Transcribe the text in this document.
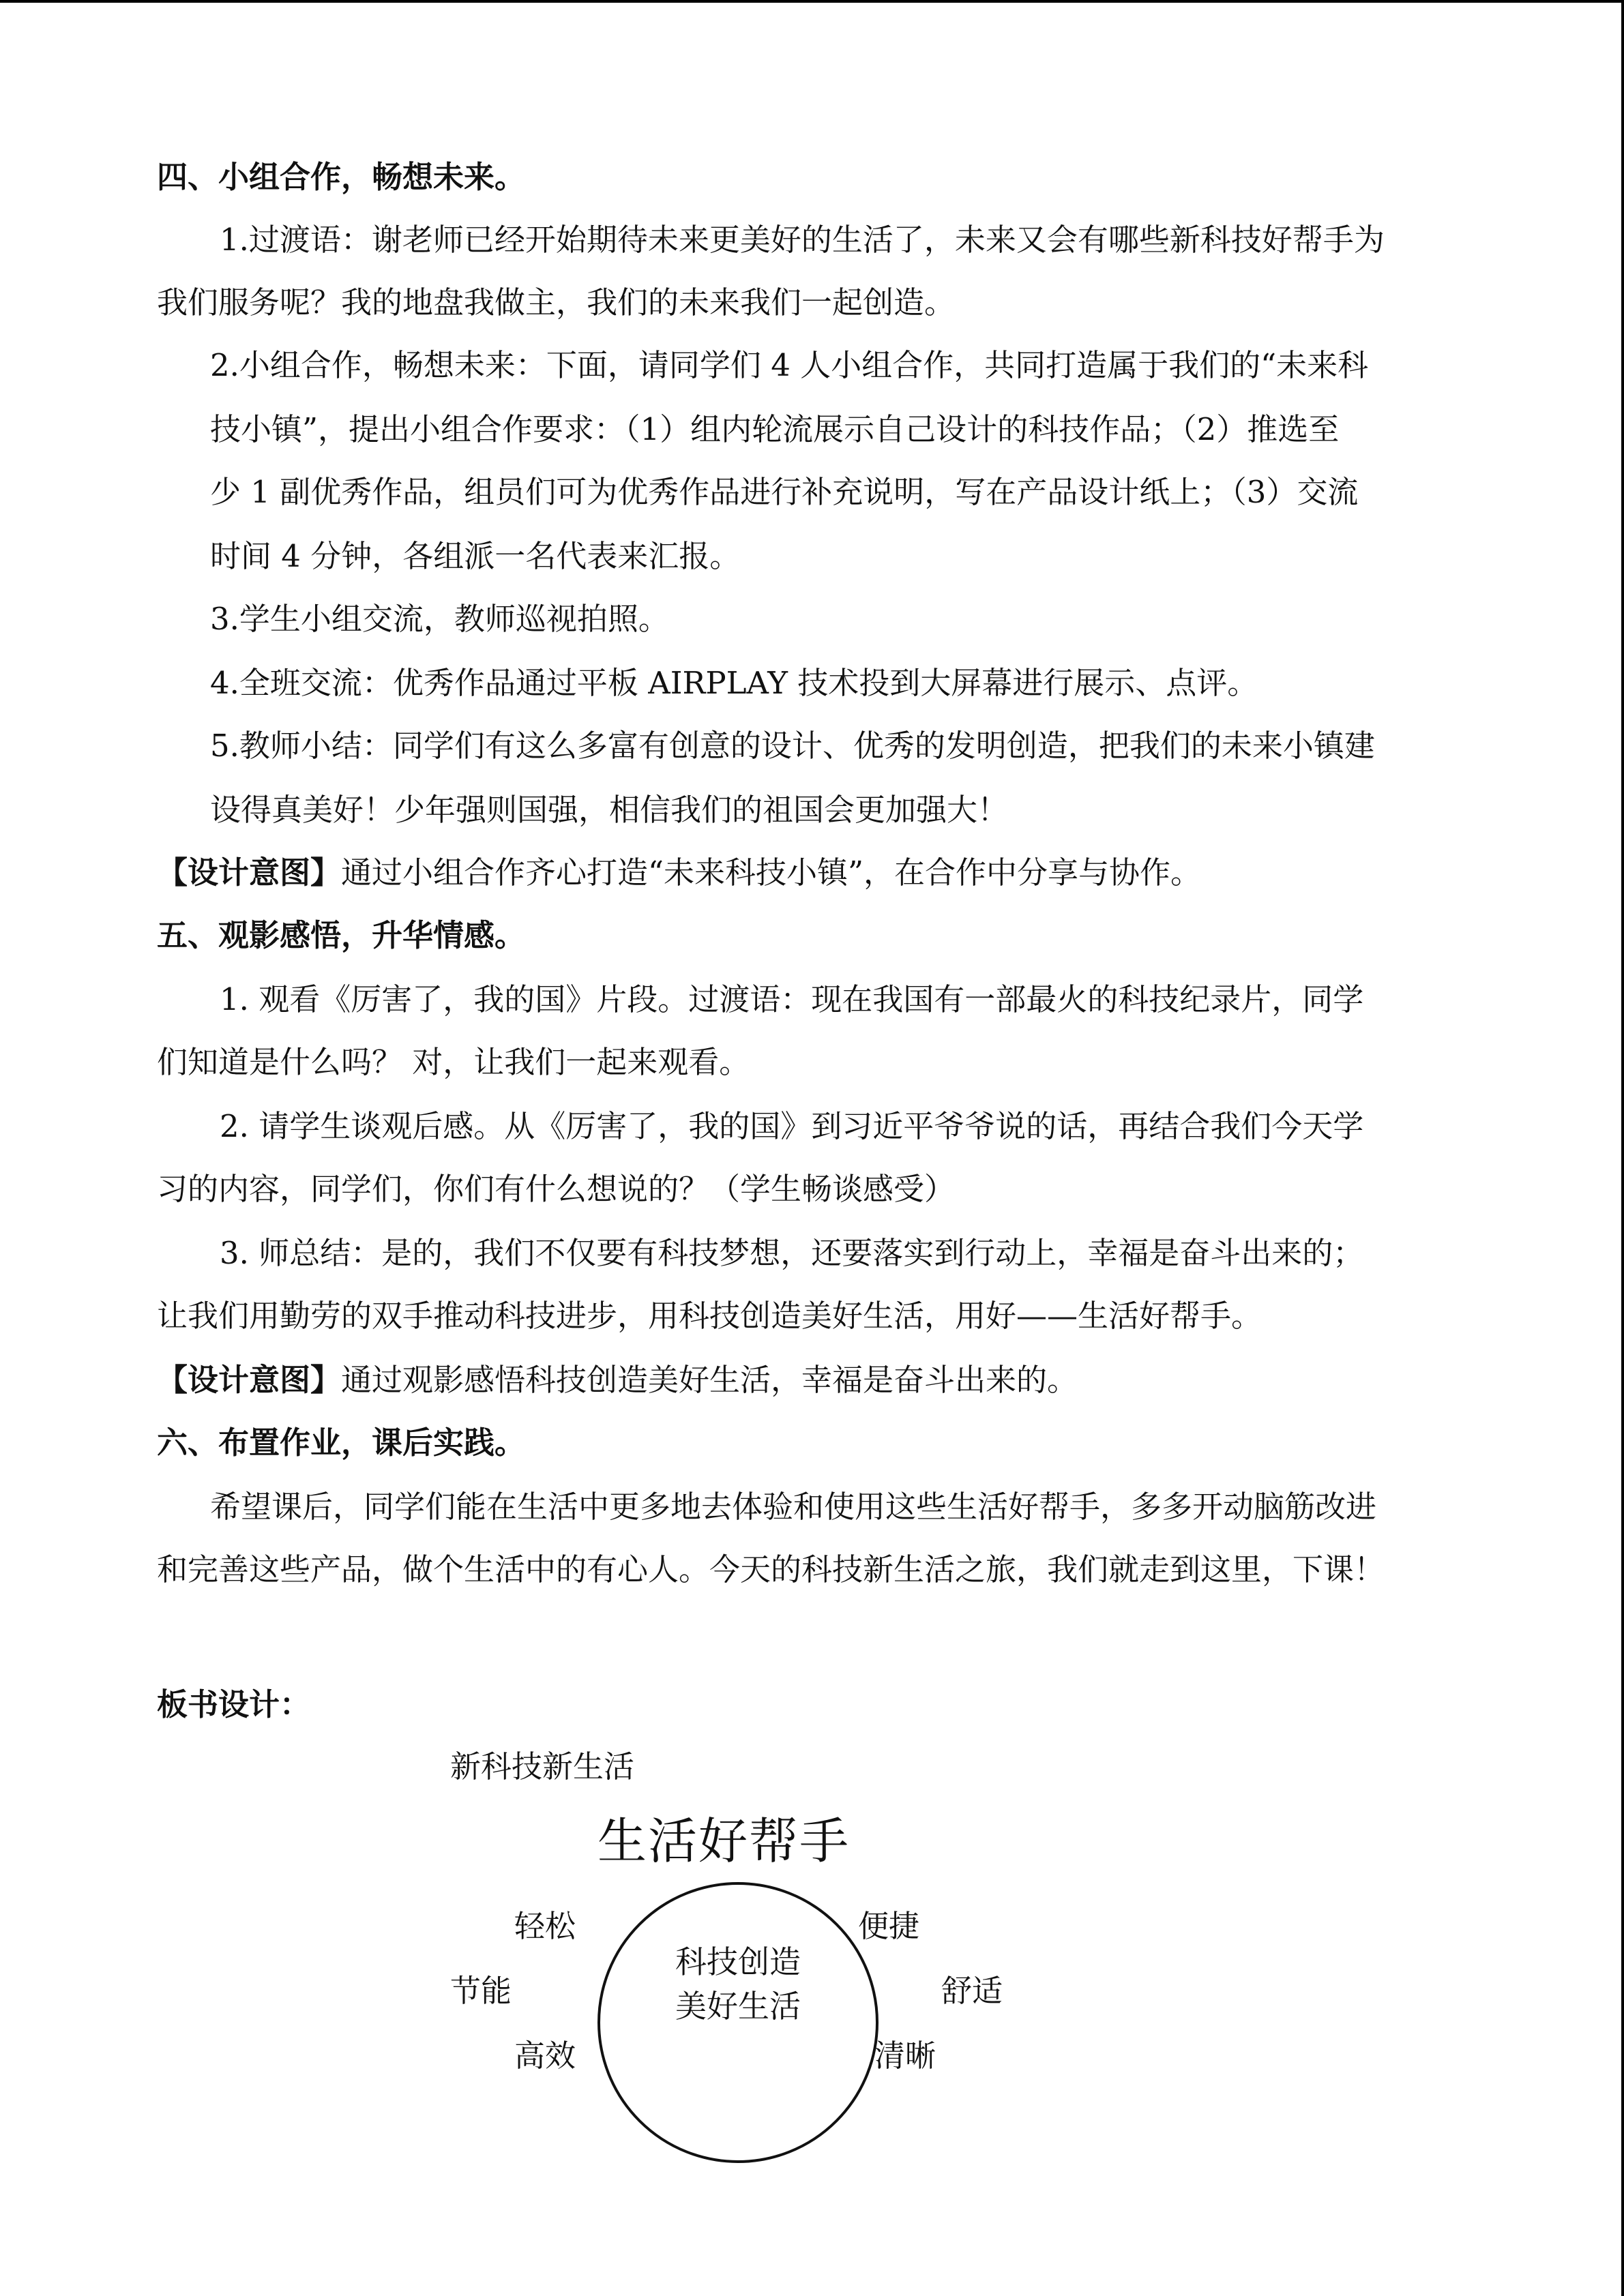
四、小组合作，畅想未来。
1.过渡语：谢老师已经开始期待未来更美好的生活了，未来又会有哪些新科技好帮手为
我们服务呢？我的地盘我做主，我们的未来我们一起创造。
2.小组合作，畅想未来：下面，请同学们 4 人小组合作，共同打造属于我们的“未来科
技小镇”，提出小组合作要求：（1）组内轮流展示自己设计的科技作品；（2）推选至
少 1 副优秀作品，组员们可为优秀作品进行补充说明，写在产品设计纸上；（3）交流
时间 4 分钟，各组派一名代表来汇报。
3.学生小组交流，教师巡视拍照。
4.全班交流：优秀作品通过平板 AIRPLAY 技术投到大屏幕进行展示、点评。
5.教师小结：同学们有这么多富有创意的设计、优秀的发明创造，把我们的未来小镇建
设得真美好！少年强则国强，相信我们的祖国会更加强大！
【设计意图】通过小组合作齐心打造“未来科技小镇”，在合作中分享与协作。
五、观影感悟，升华情感。
1. 观看《厉害了，我的国》片段。过渡语：现在我国有一部最火的科技纪录片，同学
们知道是什么吗？ 对，让我们一起来观看。
2. 请学生谈观后感。从《厉害了，我的国》到习近平爷爷说的话，再结合我们今天学
习的内容，同学们，你们有什么想说的？（学生畅谈感受）
3. 师总结：是的，我们不仅要有科技梦想，还要落实到行动上，幸福是奋斗出来的；
让我们用勤劳的双手推动科技进步，用科技创造美好生活，用好——生活好帮手。
【设计意图】通过观影感悟科技创造美好生活，幸福是奋斗出来的。
六、布置作业，课后实践。
希望课后，同学们能在生活中更多地去体验和使用这些生活好帮手，多多开动脑筋改进
和完善这些产品，做个生活中的有心人。今天的科技新生活之旅，我们就走到这里，下课！
板书设计：
新科技新生活
生活好帮手
科技创造
美好生活
轻松
节能
高效
便捷
舒适
清晰
